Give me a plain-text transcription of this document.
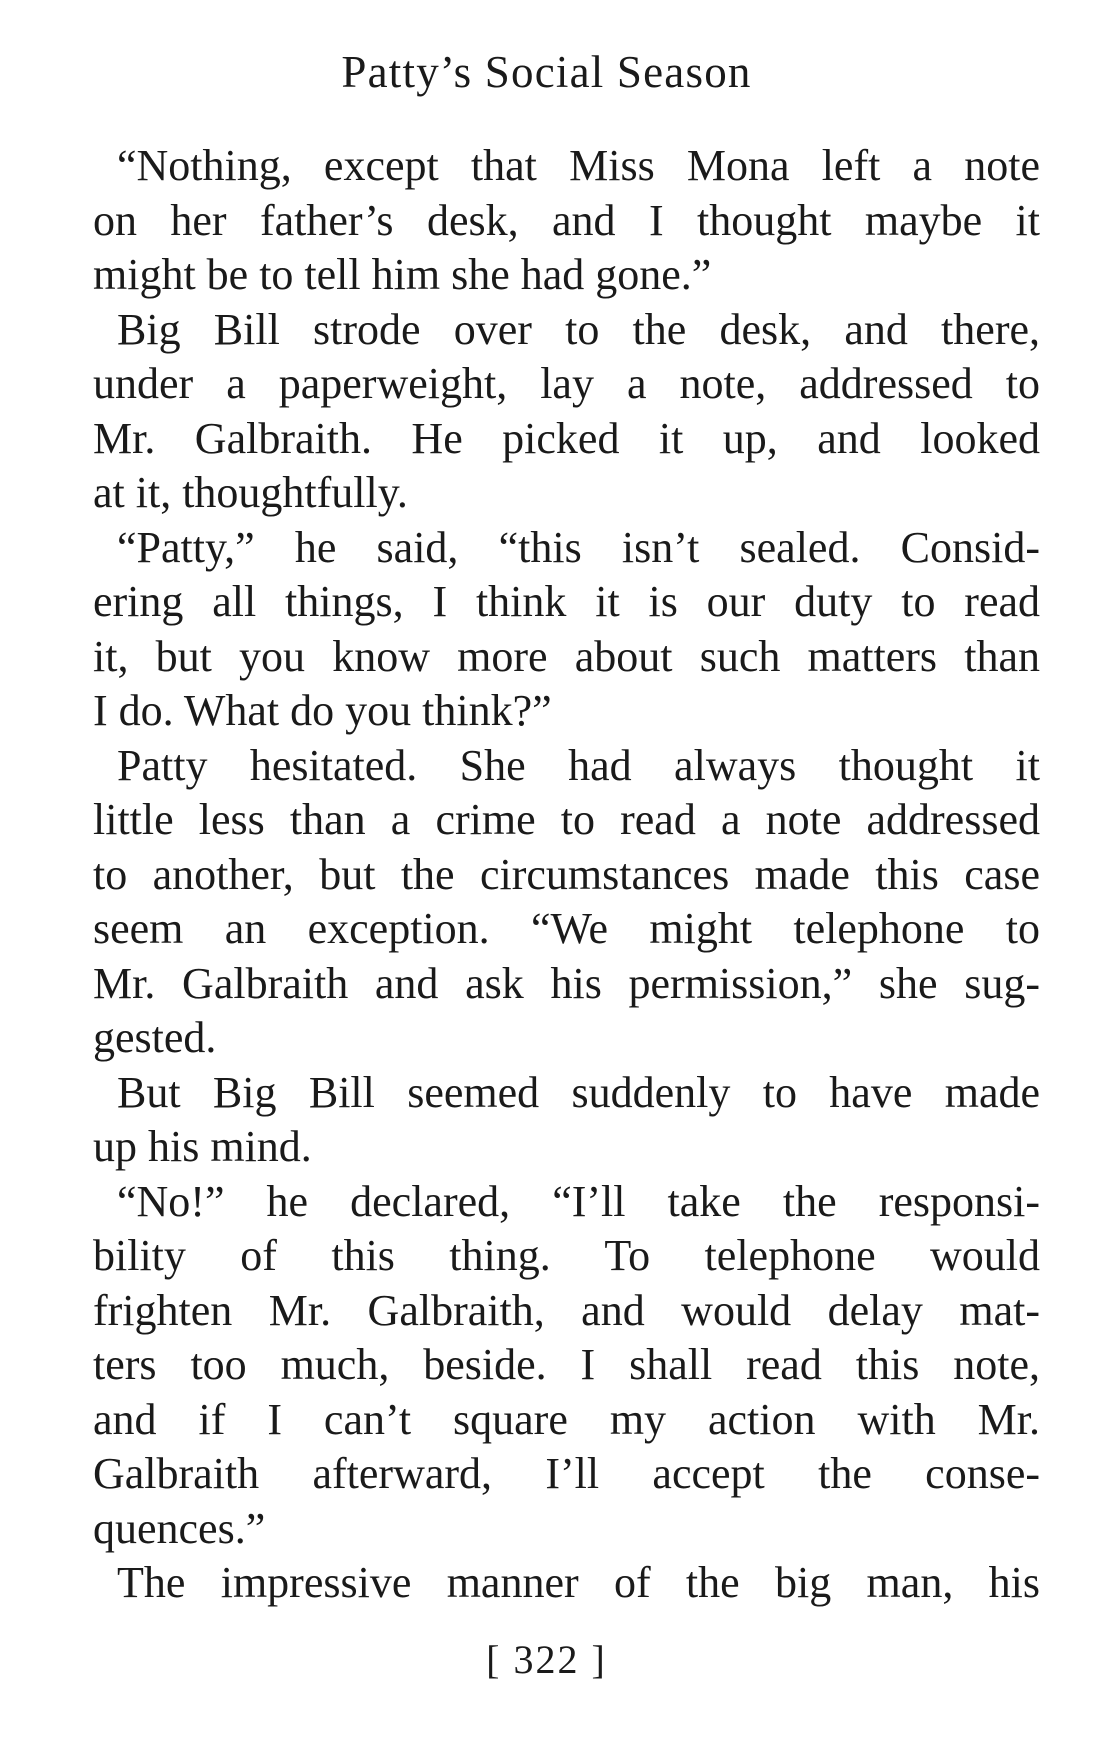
Patty’s Social Season
“Nothing, except that Miss Mona left a note
on her father’s desk, and I thought maybe it
might be to tell him she had gone.”
Big Bill strode over to the desk, and there,
under a paperweight, lay a note, addressed to
Mr. Galbraith. He picked it up, and looked
at it, thoughtfully.
“Patty,” he said, “this isn’t sealed. Consid-
ering all things, I think it is our duty to read
it, but you know more about such matters than
I do. What do you think?”
Patty hesitated. She had always thought it
little less than a crime to read a note addressed
to another, but the circumstances made this case
seem an exception. “We might telephone to
Mr. Galbraith and ask his permission,” she sug-
gested.
But Big Bill seemed suddenly to have made
up his mind.
“No!” he declared, “I’ll take the responsi-
bility of this thing. To telephone would
frighten Mr. Galbraith, and would delay mat-
ters too much, beside. I shall read this note,
and if I can’t square my action with Mr.
Galbraith afterward, I’ll accept the conse-
quences.”
The impressive manner of the big man, his
[ 322 ]
